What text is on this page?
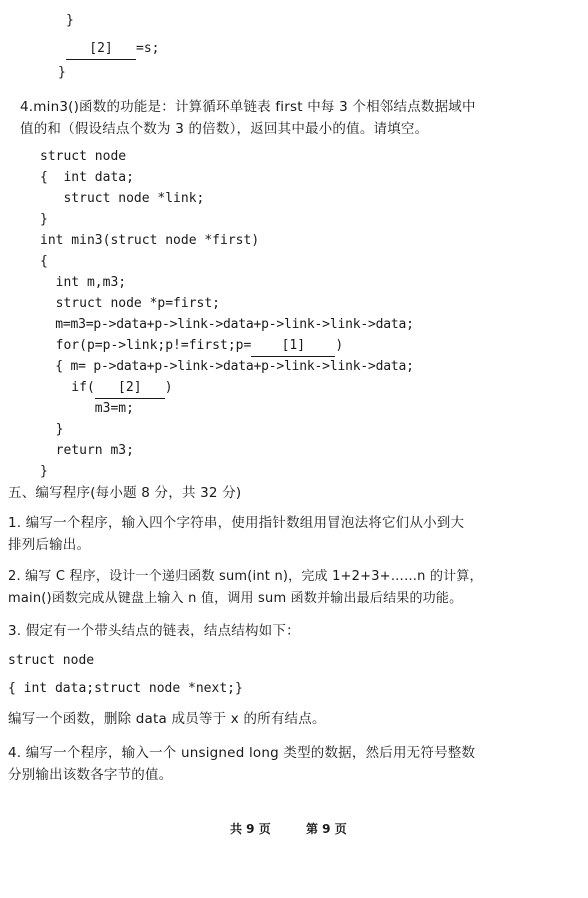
}
[2] =s;
}
4.min3()函数的功能是：计算循环单链表 first 中每 3 个相邻结点数据域中
值的和（假设结点个数为 3 的倍数），返回其中最小的值。请填空。
struct node
{  int data;
struct node *link;
}
int min3(struct node *first)
{
int m,m3;
struct node *p=first;
m=m3=p->data+p->link->data+p->link->link->data;
for(p=p->link;p!=first;p= [1] )
{ m= p->data+p->link->data+p->link->link->data;
if( [2] )
m3=m;
}
return m3;
}
五、编写程序(每小题 8 分，共 32 分)
1. 编写一个程序，输入四个字符串，使用指针数组用冒泡法将它们从小到大
排列后输出。
2. 编写 C 程序，设计一个递归函数 sum(int n)，完成 1+2+3+……n 的计算，
main()函数完成从键盘上输入 n 值，调用 sum 函数并输出最后结果的功能。
3. 假定有一个带头结点的链表，结点结构如下：
struct node
{ int data;struct node *next;}
编写一个函数，删除 data 成员等于 x 的所有结点。
4. 编写一个程序，输入一个 unsigned long 类型的数据，然后用无符号整数
分别输出该数各字节的值。
共 9 页	第 9 页
